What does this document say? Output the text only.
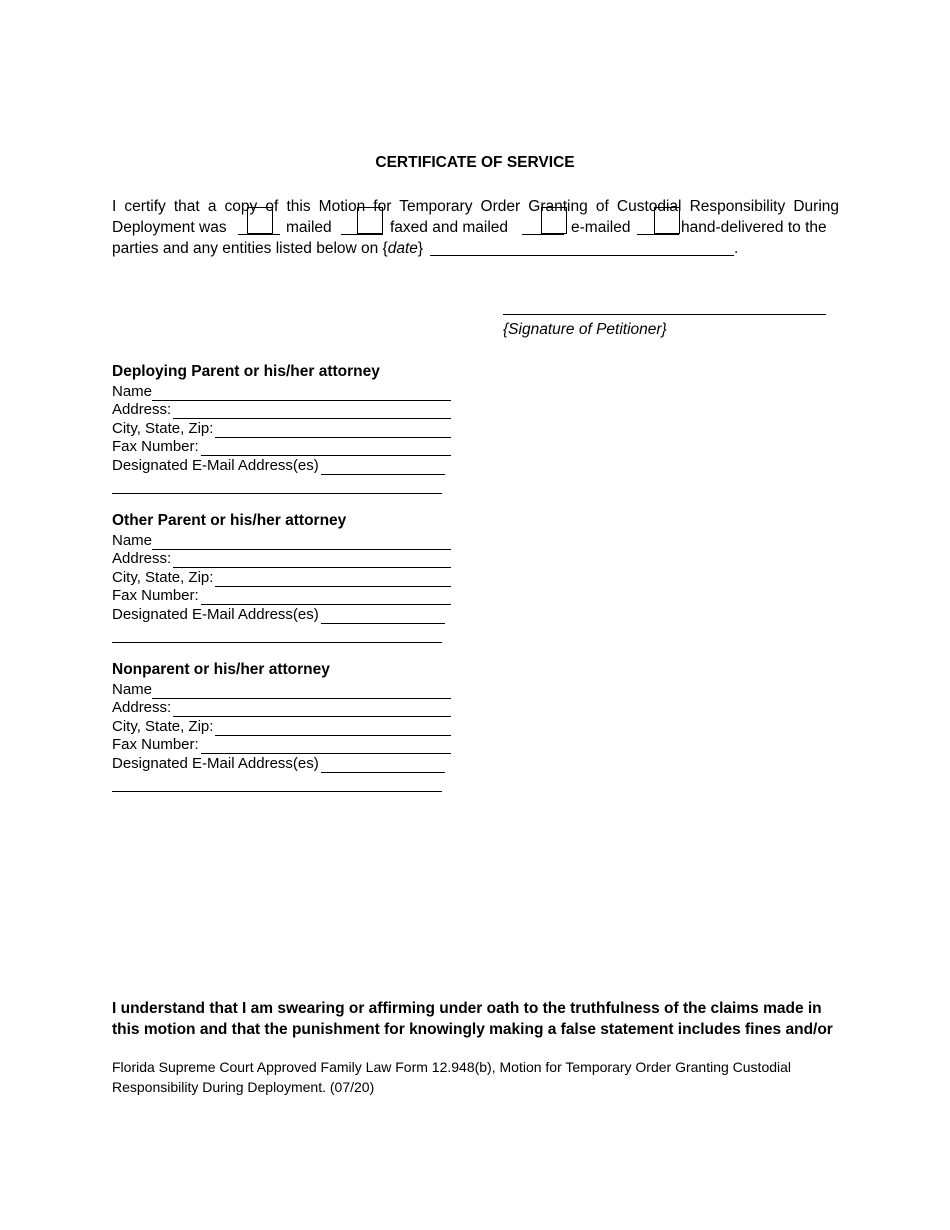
CERTIFICATE OF SERVICE
I certify that a copy of this Motion for Temporary Order Granting of Custodial Responsibility During
Deployment was	mailed	faxed and mailed	e-mailed	hand-delivered to the
parties and any entities listed below on {date}	.
{Signature of Petitioner}
Deploying Parent or his/her attorney
Name
Address:
City, State, Zip:
Fax Number:
Designated E-Mail Address(es)
Other Parent or his/her attorney
Name
Address:
City, State, Zip:
Fax Number:
Designated E-Mail Address(es)
Nonparent or his/her attorney
Name
Address:
City, State, Zip:
Fax Number:
Designated E-Mail Address(es)
I understand that I am swearing or affirming under oath to the truthfulness of the claims made in this motion and that the punishment for knowingly making a false statement includes fines and/or
Florida Supreme Court Approved Family Law Form 12.948(b), Motion for Temporary Order Granting Custodial Responsibility During Deployment. (07/20)
